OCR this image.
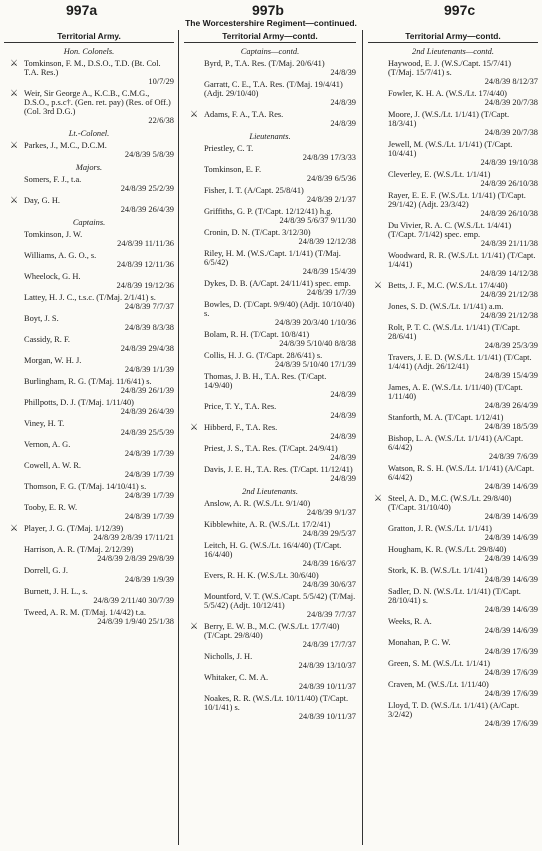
997a	997b	997c
The Worcestershire Regiment—continued.
Territorial Army.
Hon. Colonels.
⚔ Tomkinson, F. M., D.S.O., T.D. (Bt. Col. T.A. Res.)
10/7/29
⚔ Weir, Sir George A., K.C.B., C.M.G., D.S.O., p.s.c†. (Gen. ret. pay) (Res. of Off.) (Col. 3rd D.G.)
22/6/38
Lt.-Colonel.
⚔ Parkes, J., M.C., D.C.M.
24/8/39 5/8/39
Majors.
Somers, F. J., t.a.
24/8/39 25/2/39
⚔ Day, G. H.
24/8/39 26/4/39
Captains.
Tomkinson, J. W.
24/8/39 11/11/36
Williams, A. G. O., s.
24/8/39 12/11/36
Wheelock, G. H.
24/8/39 19/12/36
Lattey, H. J. C., t.s.c. (T/Maj. 2/1/41) s.
24/8/39 7/7/37
Boyt, J. S.
24/8/39 8/3/38
Cassidy, R. F.
24/8/39 29/4/38
Morgan, W. H. J.
24/8/39 1/1/39
Burlingham, R. G. (T/Maj. 11/6/41) s.
24/8/39 26/1/39
Phillpotts, D. J. (T/Maj. 1/11/40)
24/8/39 26/4/39
Viney, H. T.
24/8/39 25/5/39
Vernon, A. G.
24/8/39 1/7/39
Cowell, A. W. R.
24/8/39 1/7/39
Thomson, F. G. (T/Maj. 14/10/41) s.
24/8/39 1/7/39
Tooby, E. R. W.
24/8/39 1/7/39
⚔ Player, J. G. (T/Maj. 1/12/39)
24/8/39 2/8/39 17/11/21
Harrison, A. R. (T/Maj. 2/12/39)
24/8/39 2/8/39 29/8/39
Dorrell, G. J.
24/8/39 1/9/39
Burnett, J. H. L., s.
24/8/39 2/11/40 30/7/39
Tweed, A. R. M. (T/Maj. 1/4/42) t.a.
24/8/39 1/9/40 25/1/38
Territorial Army—contd.
Captains—contd.
Byrd, P., T.A. Res. (T/Maj. 20/6/41)
24/8/39
Garratt, C. E., T.A. Res. (T/Maj. 19/4/41) (Adjt. 29/10/40)
24/8/39
⚔ Adams, F. A., T.A. Res.
24/8/39
Lieutenants.
Priestley, C. T.
24/8/39 17/3/33
Tomkinson, E. F.
24/8/39 6/5/36
Fisher, I. T. (A/Capt. 25/8/41)
24/8/39 2/1/37
Griffiths, G. P. (T/Capt. 12/12/41) h.g.
24/8/39 5/6/37 9/11/30
Cronin, D. N. (T/Capt. 3/12/30)
24/8/39 12/12/38
Riley, H. M. (W.S./Capt. 1/1/41) (T/Maj. 6/5/42)
24/8/39 15/4/39
Dykes, D. B. (A/Capt. 24/11/41) spec. emp.
24/8/39 1/7/39
Bowles, D. (T/Capt. 9/9/40) (Adjt. 10/10/40) s.
24/8/39 20/3/40 1/10/36
Bolam, R. H. (T/Capt. 10/8/41)
24/8/39 5/10/40 8/8/38
Collis, H. J. G. (T/Capt. 28/6/41) s.
24/8/39 5/10/40 17/1/39
Thomas, J. B. H., T.A. Res. (T/Capt. 14/9/40)
24/8/39
Price, T. Y., T.A. Res.
24/8/39
⚔ Hibberd, F., T.A. Res.
24/8/39
Priest, J. S., T.A. Res. (T/Capt. 24/9/41)
24/8/39
Davis, J. E. H., T.A. Res. (T/Capt. 11/12/41)
24/8/39
2nd Lieutenants.
Anslow, A. R. (W.S./Lt. 9/1/40)
24/8/39 9/1/37
Kibblewhite, A. R. (W.S./Lt. 17/2/41)
24/8/39 29/5/37
Leitch, H. G. (W.S./Lt. 16/4/40) (T/Capt. 16/4/40)
24/8/39 16/6/37
Evers, R. H. K. (W.S./Lt. 30/6/40)
24/8/39 30/6/37
Mountford, V. T. (W.S./Capt. 5/5/42) (T/Maj. 5/5/42) (Adjt. 10/12/41)
24/8/39 7/7/37
⚔ Berry, E. W. B., M.C. (W.S./Lt. 17/7/40) (T/Capt. 29/8/40)
24/8/39 17/7/37
Nicholls, J. H.
24/8/39 13/10/37
Whitaker, C. M. A.
24/8/39 10/11/37
Noakes, R. R. (W.S./Lt. 10/11/40) (T/Capt. 10/1/41) s.
24/8/39 10/11/37
Territorial Army—contd.
2nd Lieutenants—contd.
Haywood, E. J. (W.S./Capt. 15/7/41) (T/Maj. 15/7/41) s.
24/8/39 8/12/37
Fowler, K. H. A. (W.S./Lt. 17/4/40)
24/8/39 20/7/38
Moore, J. (W.S./Lt. 1/1/41) (T/Capt. 18/3/41)
24/8/39 20/7/38
Jewell, M. (W.S./Lt. 1/1/41) (T/Capt. 10/4/41)
24/8/39 19/10/38
Cleverley, E. (W.S./Lt. 1/1/41)
24/8/39 26/10/38
Rayer, E. E. F. (W.S./Lt. 1/1/41) (T/Capt. 29/1/42) (Adjt. 23/3/42)
24/8/39 26/10/38
Du Vivier, R. A. C. (W.S./Lt. 1/4/41) (T/Capt. 7/1/42) spec. emp.
24/8/39 21/11/38
Woodward, R. R. (W.S./Lt. 1/1/41) (T/Capt. 1/4/41)
24/8/39 14/12/38
⚔ Betts, J. F., M.C. (W.S./Lt. 17/4/40)
24/8/39 21/12/38
Jones, S. D. (W.S./Lt. 1/1/41) a.m.
24/8/39 21/12/38
Rolt, P. T. C. (W.S./Lt. 1/1/41) (T/Capt. 28/6/41)
24/8/39 25/3/39
Travers, J. E. D. (W.S./Lt. 1/1/41) (T/Capt. 1/4/41) (Adjt. 26/12/41)
24/8/39 15/4/39
James, A. E. (W.S./Lt. 1/11/40) (T/Capt. 1/11/40)
24/8/39 26/4/39
Stanforth, M. A. (T/Capt. 1/12/41)
24/8/39 18/5/39
Bishop, L. A. (W.S./Lt. 1/1/41) (A/Capt. 6/4/42)
24/8/39 7/6/39
Watson, R. S. H. (W.S./Lt. 1/1/41) (A/Capt. 6/4/42)
24/8/39 14/6/39
⚔ Steel, A. D., M.C. (W.S./Lt. 29/8/40) (T/Capt. 31/10/40)
24/8/39 14/6/39
Gratton, J. R. (W.S./Lt. 1/1/41)
24/8/39 14/6/39
Hougham, K. R. (W.S./Lt. 29/8/40)
24/8/39 14/6/39
Stork, K. B. (W.S./Lt. 1/1/41)
24/8/39 14/6/39
Sadler, D. N. (W.S./Lt. 1/1/41) (T/Capt. 28/10/41) s.
24/8/39 14/6/39
Weeks, R. A.
24/8/39 14/6/39
Monahan, P. C. W.
24/8/39 17/6/39
Green, S. M. (W.S./Lt. 1/1/41)
24/8/39 17/6/39
Craven, M. (W.S./Lt. 1/11/40)
24/8/39 17/6/39
Lloyd, T. D. (W.S./Lt. 1/1/41) (A/Capt. 3/2/42)
24/8/39 17/6/39
